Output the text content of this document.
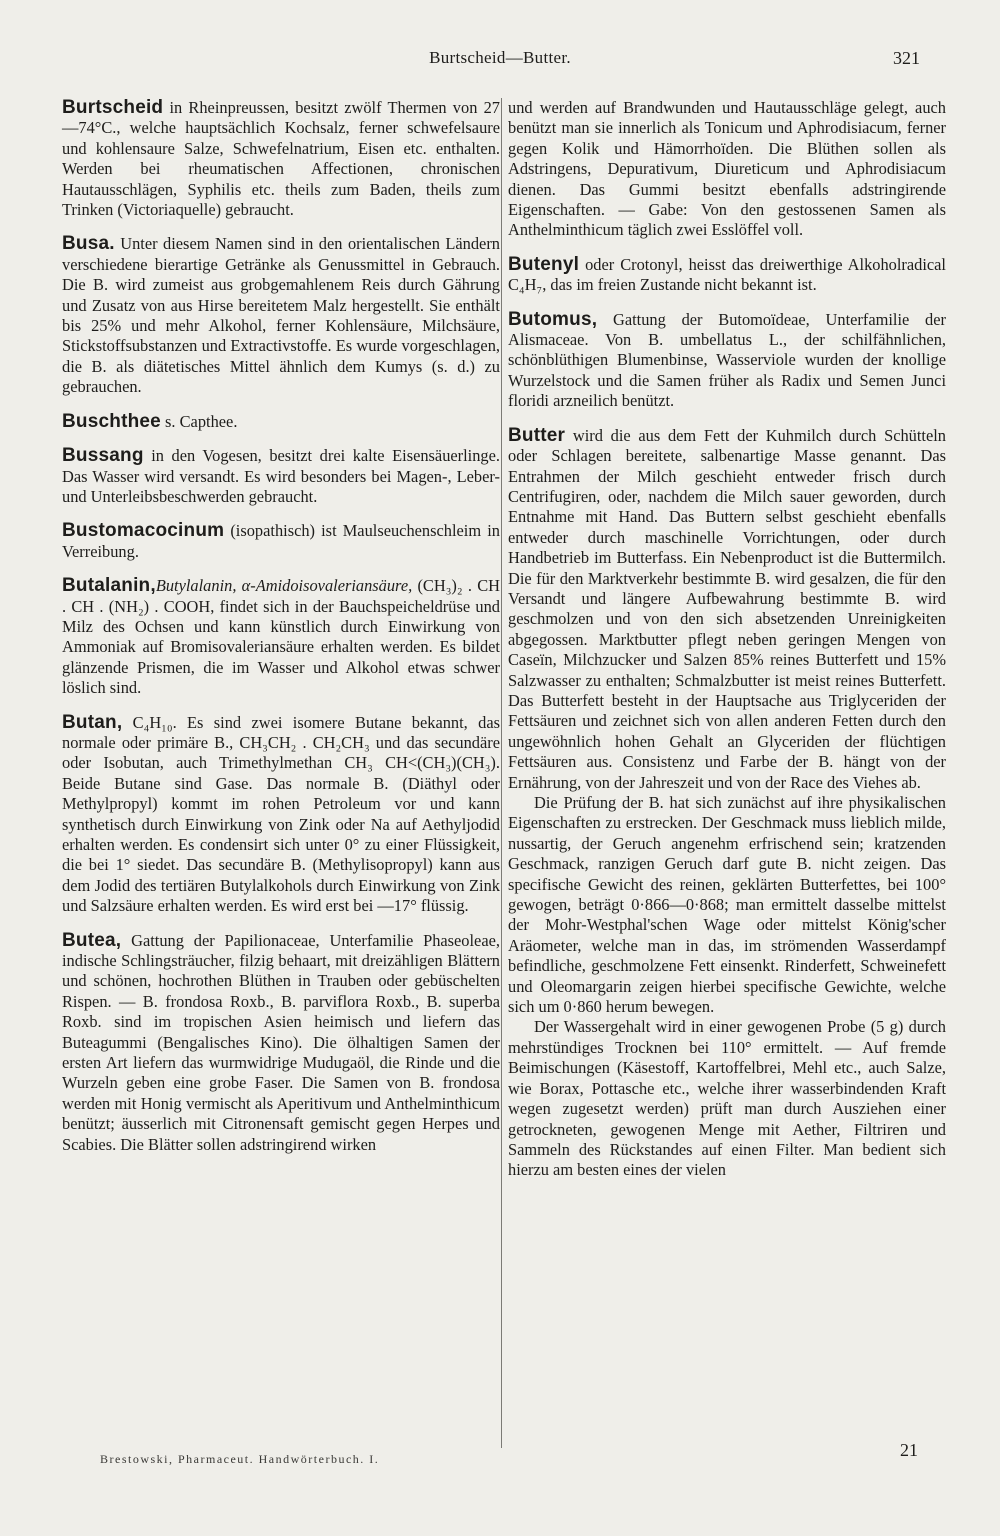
Burtscheid—Butter.	321

Burtscheid in Rheinpreussen, besitzt zwölf Thermen von 27—74°C., welche hauptsächlich Kochsalz, ferner schwefelsaure und kohlensaure Salze, Schwefelnatrium, Eisen etc. enthalten. Werden bei rheumatischen Affectionen, chronischen Hautausschlägen, Syphilis etc. theils zum Baden, theils zum Trinken (Victoriaquelle) gebraucht.

Busa. Unter diesem Namen sind in den orientalischen Ländern verschiedene bierartige Getränke als Genussmittel in Gebrauch. Die B. wird zumeist aus grobgemahlenem Reis durch Gährung und Zusatz von aus Hirse bereitetem Malz hergestellt. Sie enthält bis 25% und mehr Alkohol, ferner Kohlensäure, Milchsäure, Stickstoffsubstanzen und Extractivstoffe. Es wurde vorgeschlagen, die B. als diätetisches Mittel ähnlich dem Kumys (s. d.) zu gebrauchen.

Buschthee s. Capthee.

Bussang in den Vogesen, besitzt drei kalte Eisensäuerlinge. Das Wasser wird versandt. Es wird besonders bei Magen-, Leber- und Unterleibsbeschwerden gebraucht.

Bustomacocinum (isopathisch) ist Maulseuchenschleim in Verreibung.

Butalanin,Butylalanin, α-Amidoisovaleriansäure, (CH₃)₂ . CH . CH . (NH₂) . COOH, findet sich in der Bauchspeicheldrüse und Milz des Ochsen und kann künstlich durch Einwirkung von Ammoniak auf Bromisovaleriansäure erhalten werden. Es bildet glänzende Prismen, die im Wasser und Alkohol etwas schwer löslich sind.

Butan, C₄H₁₀. Es sind zwei isomere Butane bekannt, das normale oder primäre B., CH₃CH₂ . CH₂CH₃ und das secundäre oder Isobutan, auch Trimethylmethan CH₃ CH<(CH₃)(CH₃). Beide Butane sind Gase. Das normale B. (Diäthyl oder Methylpropyl) kommt im rohen Petroleum vor und kann synthetisch durch Einwirkung von Zink oder Na auf Aethyljodid erhalten werden. Es condensirt sich unter 0° zu einer Flüssigkeit, die bei 1° siedet. Das secundäre B. (Methylisopropyl) kann aus dem Jodid des tertiären Butylalkohols durch Einwirkung von Zink und Salzsäure erhalten werden. Es wird erst bei —17° flüssig.

Butea, Gattung der Papilionaceae, Unterfamilie Phaseoleae, indische Schlingsträucher, filzig behaart, mit dreizähligen Blättern und schönen, hochrothen Blüthen in Trauben oder gebüschelten Rispen. — B. frondosa Roxb., B. parviflora Roxb., B. superba Roxb. sind im tropischen Asien heimisch und liefern das Buteagummi (Bengalisches Kino). Die ölhaltigen Samen der ersten Art liefern das wurmwidrige Mudugaöl, die Rinde und die Wurzeln geben eine grobe Faser. Die Samen von B. frondosa werden mit Honig vermischt als Aperitivum und Anthelminthicum benützt; äusserlich mit Citronensaft gemischt gegen Herpes und Scabies. Die Blätter sollen adstringirend wirken

und werden auf Brandwunden und Hautausschläge gelegt, auch benützt man sie innerlich als Tonicum und Aphrodisiacum, ferner gegen Kolik und Hämorrhoïden. Die Blüthen sollen als Adstringens, Depurativum, Diureticum und Aphrodisiacum dienen. Das Gummi besitzt ebenfalls adstringirende Eigenschaften. — Gabe: Von den gestossenen Samen als Anthelminthicum täglich zwei Esslöffel voll.

Butenyl oder Crotonyl, heisst das dreiwerthige Alkoholradical C₄H₇, das im freien Zustande nicht bekannt ist.

Butomus, Gattung der Butomoïdeae, Unterfamilie der Alismaceae. Von B. umbellatus L., der schilfähnlichen, schönblüthigen Blumenbinse, Wasserviole wurden der knollige Wurzelstock und die Samen früher als Radix und Semen Junci floridi arzneilich benützt.

Butter wird die aus dem Fett der Kuhmilch durch Schütteln oder Schlagen bereitete, salbenartige Masse genannt. Das Entrahmen der Milch geschieht entweder frisch durch Centrifugiren, oder, nachdem die Milch sauer geworden, durch Entnahme mit Hand. Das Buttern selbst geschieht ebenfalls entweder durch maschinelle Vorrichtungen, oder durch Handbetrieb im Butterfass. Ein Nebenproduct ist die Buttermilch. Die für den Marktverkehr bestimmte B. wird gesalzen, die für den Versandt und längere Aufbewahrung bestimmte B. wird geschmolzen und von den sich absetzenden Unreinigkeiten abgegossen. Marktbutter pflegt neben geringen Mengen von Caseïn, Milchzucker und Salzen 85% reines Butterfett und 15% Salzwasser zu enthalten; Schmalzbutter ist meist reines Butterfett. Das Butterfett besteht in der Hauptsache aus Triglyceriden der Fettsäuren und zeichnet sich von allen anderen Fetten durch den ungewöhnlich hohen Gehalt an Glyceriden der flüchtigen Fettsäuren aus. Consistenz und Farbe der B. hängt von der Ernährung, von der Jahreszeit und von der Race des Viehes ab.

Die Prüfung der B. hat sich zunächst auf ihre physikalischen Eigenschaften zu erstrecken. Der Geschmack muss lieblich milde, nussartig, der Geruch angenehm erfrischend sein; kratzenden Geschmack, ranzigen Geruch darf gute B. nicht zeigen. Das specifische Gewicht des reinen, geklärten Butterfettes, bei 100° gewogen, beträgt 0·866—0·868; man ermittelt dasselbe mittelst der Mohr-Westphal'schen Wage oder mittelst König'scher Aräometer, welche man in das, im strömenden Wasserdampf befindliche, geschmolzene Fett einsenkt. Rinderfett, Schweinefett und Oleomargarin zeigen hierbei specifische Gewichte, welche sich um 0·860 herum bewegen.

Der Wassergehalt wird in einer gewogenen Probe (5 g) durch mehrstündiges Trocknen bei 110° ermittelt. — Auf fremde Beimischungen (Käsestoff, Kartoffelbrei, Mehl etc., auch Salze, wie Borax, Pottasche etc., welche ihrer wasserbindenden Kraft wegen zugesetzt werden) prüft man durch Ausziehen einer getrockneten, gewogenen Menge mit Aether, Filtriren und Sammeln des Rückstandes auf einen Filter. Man bedient sich hierzu am besten eines der vielen

Brestowski, Pharmaceut. Handwörterbuch. I.	21
